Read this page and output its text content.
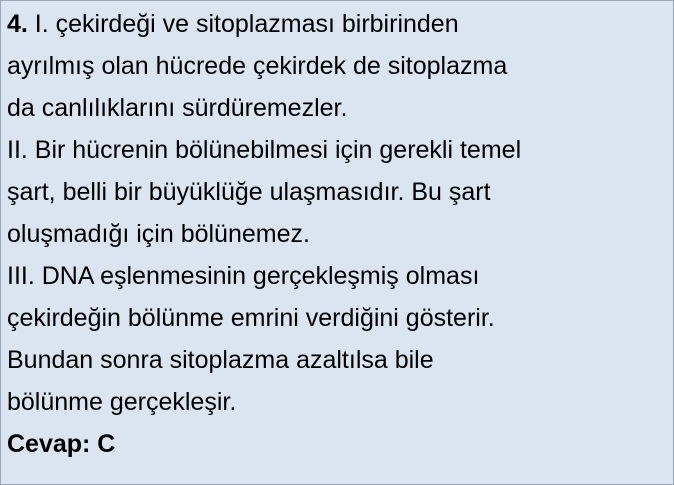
4. I. çekirdeği ve sitoplazması birbirinden
ayrılmış olan hücrede çekirdek de sitoplazma
da canlılıklarını sürdüremezler.
II. Bir hücrenin bölünebilmesi için gerekli temel
şart, belli bir büyüklüğe ulaşmasıdır. Bu şart
oluşmadığı için bölünemez.
III. DNA eşlenmesinin gerçekleşmiş olması
çekirdeğin bölünme emrini verdiğini gösterir.
Bundan sonra sitoplazma azaltılsa bile
bölünme gerçekleşir.
Cevap: C
